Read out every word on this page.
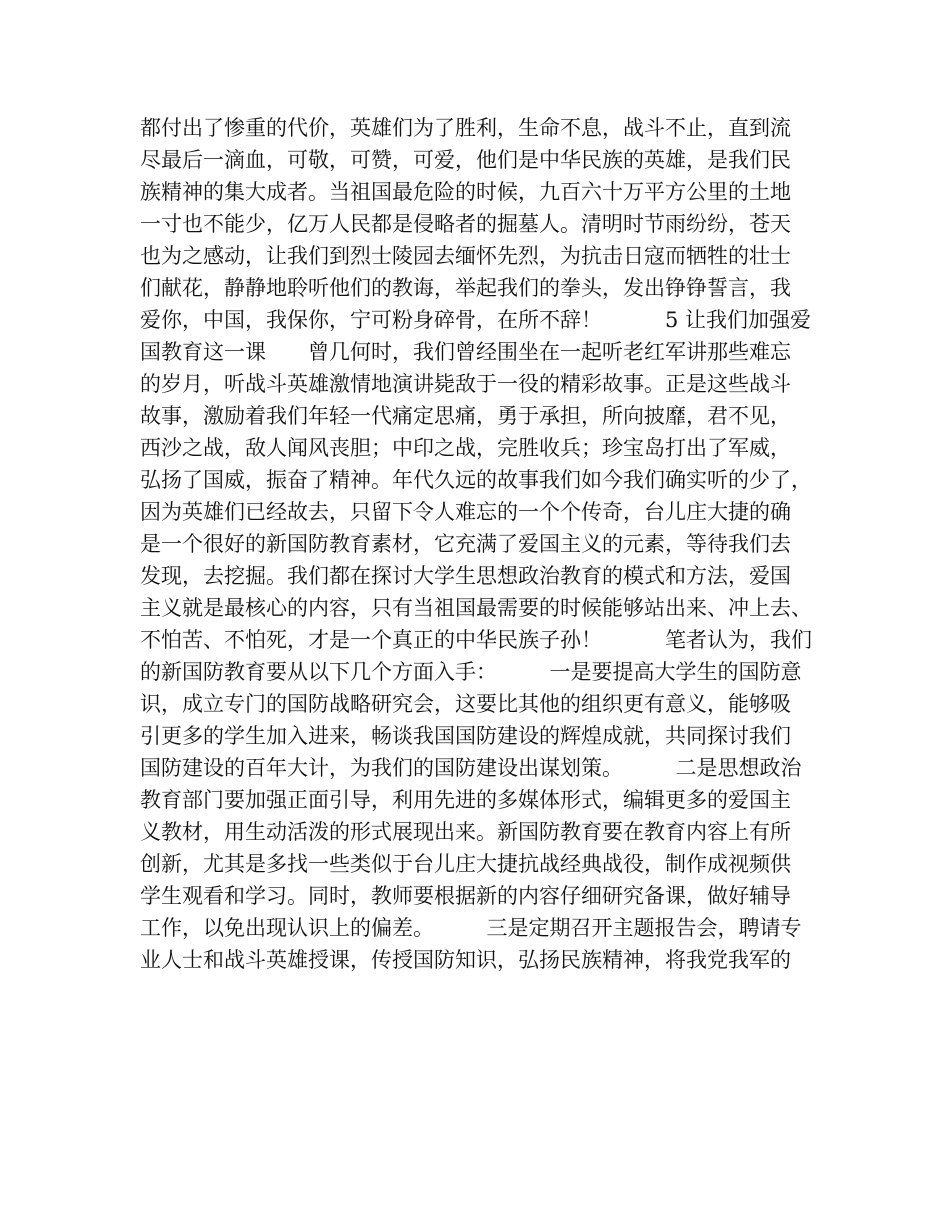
都付出了惨重的代价，英雄们为了胜利，生命不息，战斗不止，直到流
尽最后一滴血，可敬，可赞，可爱，他们是中华民族的英雄，是我们民
族精神的集大成者。当祖国最危险的时候，九百六十万平方公里的土地
一寸也不能少，亿万人民都是侵略者的掘墓人。清明时节雨纷纷，苍天
也为之感动，让我们到烈士陵园去缅怀先烈，为抗击日寇而牺牲的壮士
们献花，静静地聆听他们的教诲，举起我们的拳头，发出铮铮誓言，我
爱你，中国，我保你，宁可粉身碎骨，在所不辞！　　　5 让我们加强爱
国教育这一课　　曾几何时，我们曾经围坐在一起听老红军讲那些难忘
的岁月，听战斗英雄激情地演讲毙敌于一役的精彩故事。正是这些战斗
故事，激励着我们年轻一代痛定思痛，勇于承担，所向披靡，君不见，
西沙之战，敌人闻风丧胆；中印之战，完胜收兵；珍宝岛打出了军威，
弘扬了国威，振奋了精神。年代久远的故事我们如今我们确实听的少了，
因为英雄们已经故去，只留下令人难忘的一个个传奇，台儿庄大捷的确
是一个很好的新国防教育素材，它充满了爱国主义的元素，等待我们去
发现，去挖掘。我们都在探讨大学生思想政治教育的模式和方法，爱国
主义就是最核心的内容，只有当祖国最需要的时候能够站出来、冲上去、
不怕苦、不怕死，才是一个真正的中华民族子孙！　　　笔者认为，我们
的新国防教育要从以下几个方面入手：　　　一是要提高大学生的国防意
识，成立专门的国防战略研究会，这要比其他的组织更有意义，能够吸
引更多的学生加入进来，畅谈我国国防建设的辉煌成就，共同探讨我们
国防建设的百年大计，为我们的国防建设出谋划策。　　　二是思想政治
教育部门要加强正面引导，利用先进的多媒体形式，编辑更多的爱国主
义教材，用生动活泼的形式展现出来。新国防教育要在教育内容上有所
创新，尤其是多找一些类似于台儿庄大捷抗战经典战役，制作成视频供
学生观看和学习。同时，教师要根据新的内容仔细研究备课，做好辅导
工作，以免出现认识上的偏差。　　　三是定期召开主题报告会，聘请专
业人士和战斗英雄授课，传授国防知识，弘扬民族精神，将我党我军的
